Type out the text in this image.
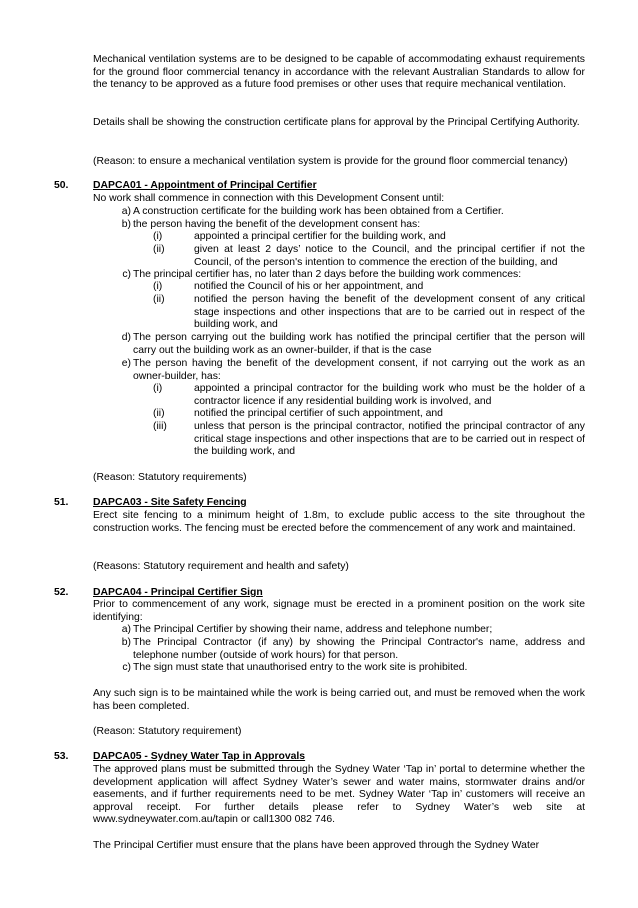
Mechanical ventilation systems are to be designed to be capable of accommodating exhaust requirements for the ground floor commercial tenancy in accordance with the relevant Australian Standards to allow for the tenancy to be approved as a future food premises or other uses that require mechanical ventilation.

Details shall be showing the construction certificate plans for approval by the Principal Certifying Authority.

(Reason: to ensure a mechanical ventilation system is provide for the ground floor commercial tenancy)

50. DAPCA01 - Appointment of Principal Certifier

No work shall commence in connection with this Development Consent until:

a) A construction certificate for the building work has been obtained from a Certifier.
b) the person having the benefit of the development consent has:
(i)	appointed a principal certifier for the building work, and
(ii)	given at least 2 days’ notice to the Council, and the principal certifier if not the Council, of the person's intention to commence the erection of the building, and
c) The principal certifier has, no later than 2 days before the building work commences:
(i)	notified the Council of his or her appointment, and
(ii)	notified the person having the benefit of the development consent of any critical stage inspections and other inspections that are to be carried out in respect of the building work, and
d) The person carrying out the building work has notified the principal certifier that the person will carry out the building work as an owner-builder, if that is the case
e) The person having the benefit of the development consent, if not carrying out the work as an owner-builder, has:
(i)	appointed a principal contractor for the building work who must be the holder of a contractor licence if any residential building work is involved, and
(ii)	notified the principal certifier of such appointment, and
(iii)	unless that person is the principal contractor, notified the principal contractor of any critical stage inspections and other inspections that are to be carried out in respect of the building work, and

(Reason: Statutory requirements)

51. DAPCA03 - Site Safety Fencing

Erect site fencing to a minimum height of 1.8m, to exclude public access to the site throughout the construction works. The fencing must be erected before the commencement of any work and maintained.

(Reasons: Statutory requirement and health and safety)

52. DAPCA04 - Principal Certifier Sign

Prior to commencement of any work, signage must be erected in a prominent position on the work site identifying:

a) The Principal Certifier by showing their name, address and telephone number;
b) The Principal Contractor (if any) by showing the Principal Contractor's name, address and telephone number (outside of work hours) for that person.
c) The sign must state that unauthorised entry to the work site is prohibited.

Any such sign is to be maintained while the work is being carried out, and must be removed when the work has been completed.

(Reason: Statutory requirement)

53. DAPCA05 - Sydney Water Tap in Approvals

The approved plans must be submitted through the Sydney Water ‘Tap in’ portal to determine whether the development application will affect Sydney Water’s sewer and water mains, stormwater drains and/or easements, and if further requirements need to be met. Sydney Water ‘Tap in’ customers will receive an approval receipt. For further details please refer to Sydney Water’s web site at www.sydneywater.com.au/tapin or call1300 082 746.

The Principal Certifier must ensure that the plans have been approved through the Sydney Water
